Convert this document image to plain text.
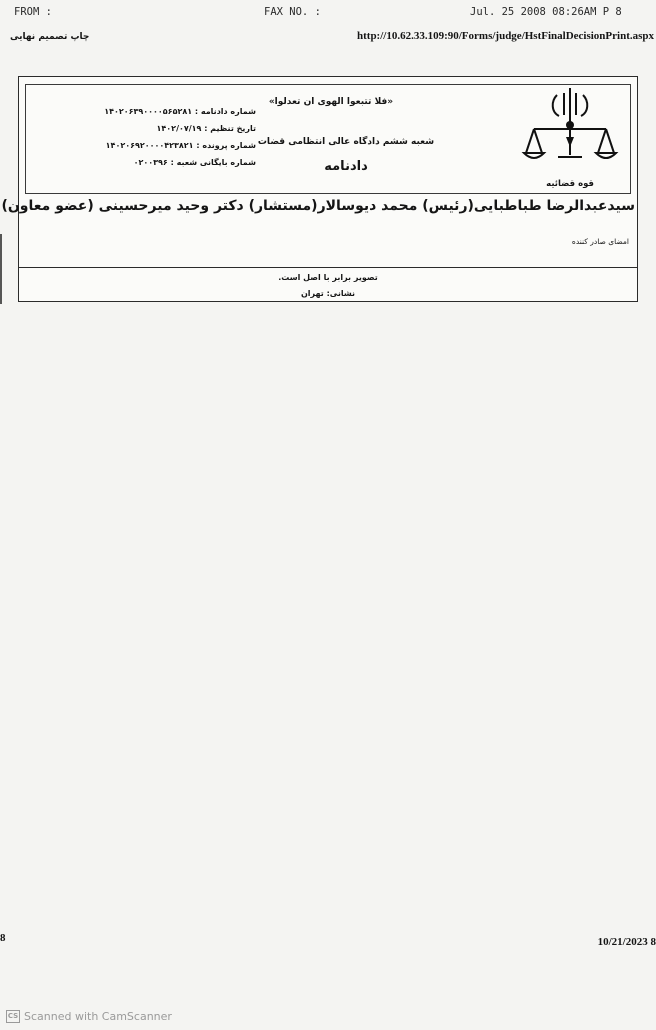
FROM :	FAX NO. :	Jul. 25 2008 08:26AM P 8
چاپ تصمیم نهایی	http://10.62.33.109:90/Forms/judge/HstFinalDecisionPrint.aspx
قوه قضائیه
«فلا تتبعوا الهوى ان تعدلوا»
شعبه ششم دادگاه عالی انتظامی قضات
دادنامه
شماره دادنامه : ۱۴۰۲۰۶۳۹۰۰۰۰۵۶۵۲۸۱
تاریخ تنظیم : ۱۴۰۲/۰۷/۱۹
شماره پرونده : ۱۴۰۲۰۶۹۲۰۰۰۰۴۲۳۸۲۱
شماره بایگانی شعبه : ۰۲۰۰۳۹۶
سیدعبدالرضا طباطبایی(رئیس) محمد دیوسالار(مستشار) دکتر وحید میرحسینی (عضو معاون)
امضای صادر کننده
تصویر برابر با اصل است.
نشانی: تهران
8	10/21/2023 8
CS Scanned with CamScanner
